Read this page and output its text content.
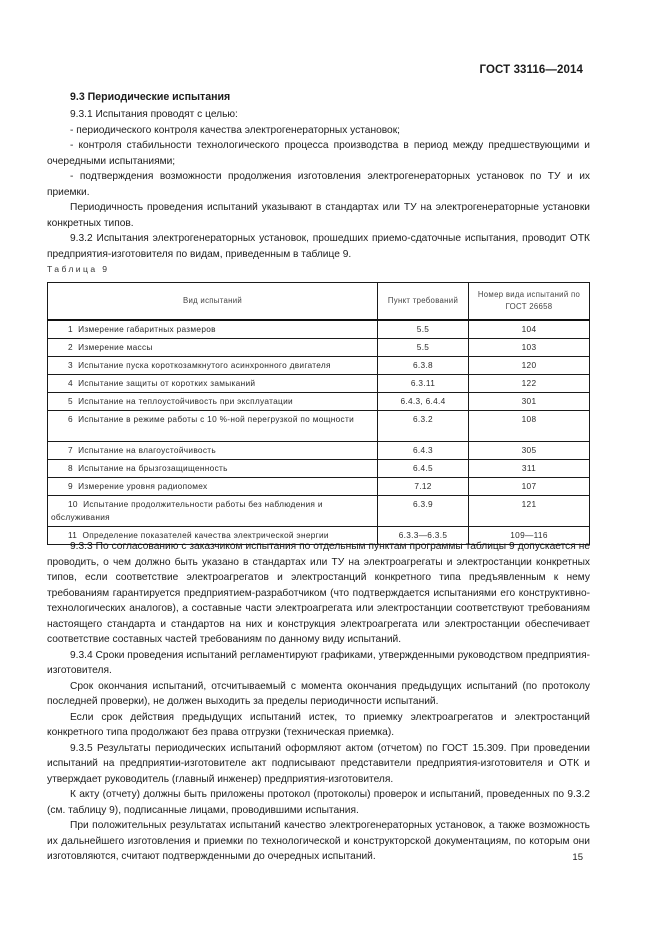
ГОСТ 33116—2014
9.3 Периодические испытания

9.3.1 Испытания проводят с целью:

- периодического контроля качества электрогенераторных установок;

- контроля стабильности технологического процесса производства в период между предшествующими и очередными испытаниями;

- подтверждения возможности продолжения изготовления электрогенераторных установок по ТУ и их приемки.

Периодичность проведения испытаний указывают в стандартах или ТУ на электрогенераторные установки конкретных типов.

9.3.2 Испытания электрогенераторных установок, прошедших приемо-сдаточные испытания, проводит ОТК предприятия-изготовителя по видам, приведенным в таблице 9.

Таблица 9
Вид испытаний	Пункт требований	Номер вида испытаний по ГОСТ 26658
1 Измерение габаритных размеров	5.5	104
2 Измерение массы	5.5	103
3 Испытание пуска короткозамкнутого асинхронного двигателя	6.3.8	120
4 Испытание защиты от коротких замыканий	6.3.11	122
5 Испытание на теплоустойчивость при эксплуатации	6.4.3, 6.4.4	301
6 Испытание в режиме работы с 10 %-ной перегрузкой по мощности	6.3.2	108
7 Испытание на влагоустойчивость	6.4.3	305
8 Испытание на брызгозащищенность	6.4.5	311
9 Измерение уровня радиопомех	7.12	107
10 Испытание продолжительности работы без наблюдения и обслуживания	6.3.9	121
11 Определение показателей качества электрической энергии	6.3.3—6.3.5	109—116

9.3.3 По согласованию с заказчиком испытания по отдельным пунктам программы таблицы 9 допускается не проводить, о чем должно быть указано в стандартах или ТУ на электроагрегаты и электростанции конкретных типов, если соответствие электроагрегатов и электростанций конкретного типа предъявленным к нему требованиям гарантируется предприятием-разработчиком (что подтверждается испытаниями его конструктивно-технологических аналогов), а составные части электроагрегата или электростанции соответствуют требованиям настоящего стандарта и стандартов на них и конструкция электроагрегата или электростанции обеспечивает соответствие составных частей требованиям по данному виду испытаний.

9.3.4 Сроки проведения испытаний регламентируют графиками, утвержденными руководством предприятия-изготовителя.

Срок окончания испытаний, отсчитываемый с момента окончания предыдущих испытаний (по протоколу последней проверки), не должен выходить за пределы периодичности испытаний.

Если срок действия предыдущих испытаний истек, то приемку электроагрегатов и электростанций конкретного типа продолжают без права отгрузки (техническая приемка).

9.3.5 Результаты периодических испытаний оформляют актом (отчетом) по ГОСТ 15.309. При проведении испытаний на предприятии-изготовителе акт подписывают представители предприятия-изготовителя и ОТК и утверждает руководитель (главный инженер) предприятия-изготовителя.

К акту (отчету) должны быть приложены протокол (протоколы) проверок и испытаний, проведенных по 9.3.2 (см. таблицу 9), подписанные лицами, проводившими испытания.

При положительных результатах испытаний качество электрогенераторных установок, а также возможность их дальнейшего изготовления и приемки по технологической и конструкторской документациям, по которым они изготовляются, считают подтвержденными до очередных испытаний.	15
